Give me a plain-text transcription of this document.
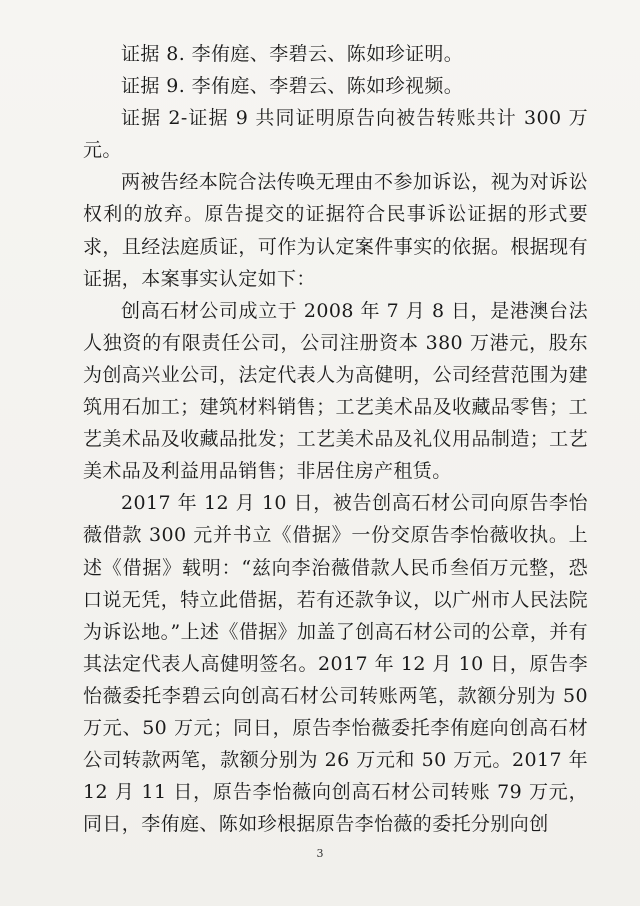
证据 8. 李侑庭、李碧云、陈如珍证明。

证据 9. 李侑庭、李碧云、陈如珍视频。

证据 2-证据 9 共同证明原告向被告转账共计 300 万元。

两被告经本院合法传唤无理由不参加诉讼，视为对诉讼权利的放弃。原告提交的证据符合民事诉讼证据的形式要求，且经法庭质证，可作为认定案件事实的依据。根据现有证据，本案事实认定如下：

创高石材公司成立于 2008 年 7 月 8 日，是港澳台法人独资的有限责任公司，公司注册资本 380 万港元，股东为创高兴业公司，法定代表人为高健明，公司经营范围为建筑用石加工；建筑材料销售；工艺美术品及收藏品零售；工艺美术品及收藏品批发；工艺美术品及礼仪用品制造；工艺美术品及利益用品销售；非居住房产租赁。

2017 年 12 月 10 日，被告创高石材公司向原告李怡薇借款 300 元并书立《借据》一份交原告李怡薇收执。上述《借据》载明：“兹向李治薇借款人民币叁佰万元整，恐口说无凭，特立此借据，若有还款争议，以广州市人民法院为诉讼地。”上述《借据》加盖了创高石材公司的公章，并有其法定代表人高健明签名。2017 年 12 月 10 日，原告李怡薇委托李碧云向创高石材公司转账两笔，款额分别为 50 万元、50 万元；同日，原告李怡薇委托李侑庭向创高石材公司转款两笔，款额分别为 26 万元和 50 万元。2017 年 12 月 11 日，原告李怡薇向创高石材公司转账 79 万元，同日，李侑庭、陈如珍根据原告李怡薇的委托分别向创

3
